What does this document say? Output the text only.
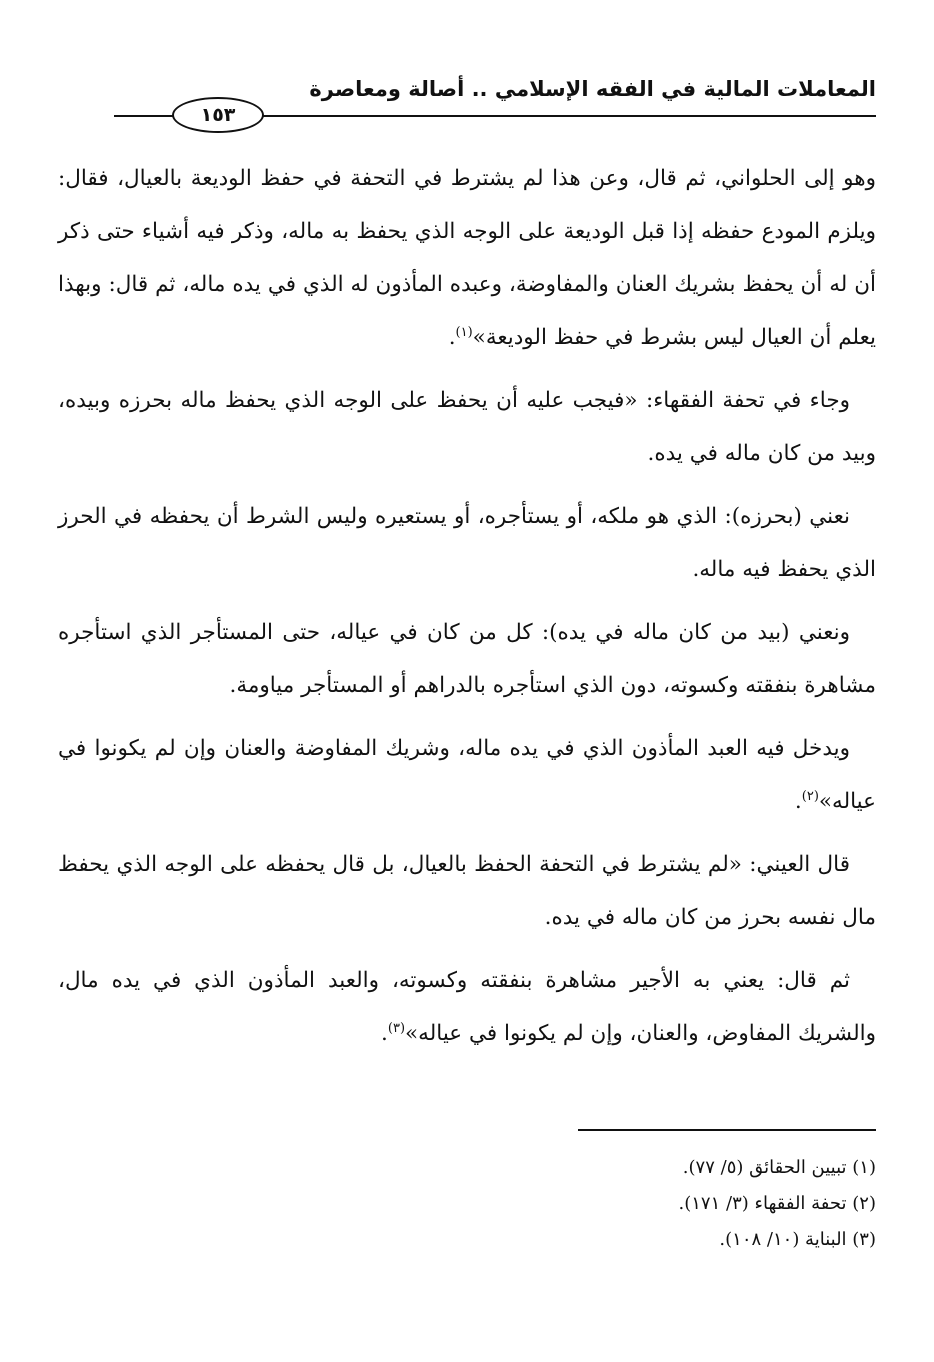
المعاملات المالية في الفقه الإسلامي .. أصالة ومعاصرة
١٥٣

وهو إلى الحلواني، ثم قال، وعن هذا لم يشترط في التحفة في حفظ الوديعة بالعيال، فقال: ويلزم المودع حفظه إذا قبل الوديعة على الوجه الذي يحفظ به ماله، وذكر فيه أشياء حتى ذكر أن له أن يحفظ بشريك العنان والمفاوضة، وعبده المأذون له الذي في يده ماله، ثم قال: وبهذا يعلم أن العيال ليس بشرط في حفظ الوديعة»$^{(١)}$.

وجاء في تحفة الفقهاء: «فيجب عليه أن يحفظ على الوجه الذي يحفظ ماله بحرزه وبيده، وبيد من كان ماله في يده.

نعني (بحرزه): الذي هو ملكه، أو يستأجره، أو يستعيره وليس الشرط أن يحفظه في الحرز الذي يحفظ فيه ماله.

ونعني (بيد من كان ماله في يده): كل من كان في عياله، حتى المستأجر الذي استأجره مشاهرة بنفقته وكسوته، دون الذي استأجره بالدراهم أو المستأجر مياومة.

ويدخل فيه العبد المأذون الذي في يده ماله، وشريك المفاوضة والعنان وإن لم يكونوا في عياله»$^{(٢)}$.

قال العيني: «لم يشترط في التحفة الحفظ بالعيال، بل قال يحفظه على الوجه الذي يحفظ مال نفسه بحرز من كان ماله في يده.

ثم قال: يعني به الأجير مشاهرة بنفقته وكسوته، والعبد المأذون الذي في يده مال، والشريك المفاوض، والعنان، وإن لم يكونوا في عياله»$^{(٣)}$.

(١) تبيين الحقائق (٥/ ٧٧).

(٢) تحفة الفقهاء (٣/ ١٧١).

(٣) البناية (١٠/ ١٠٨).
